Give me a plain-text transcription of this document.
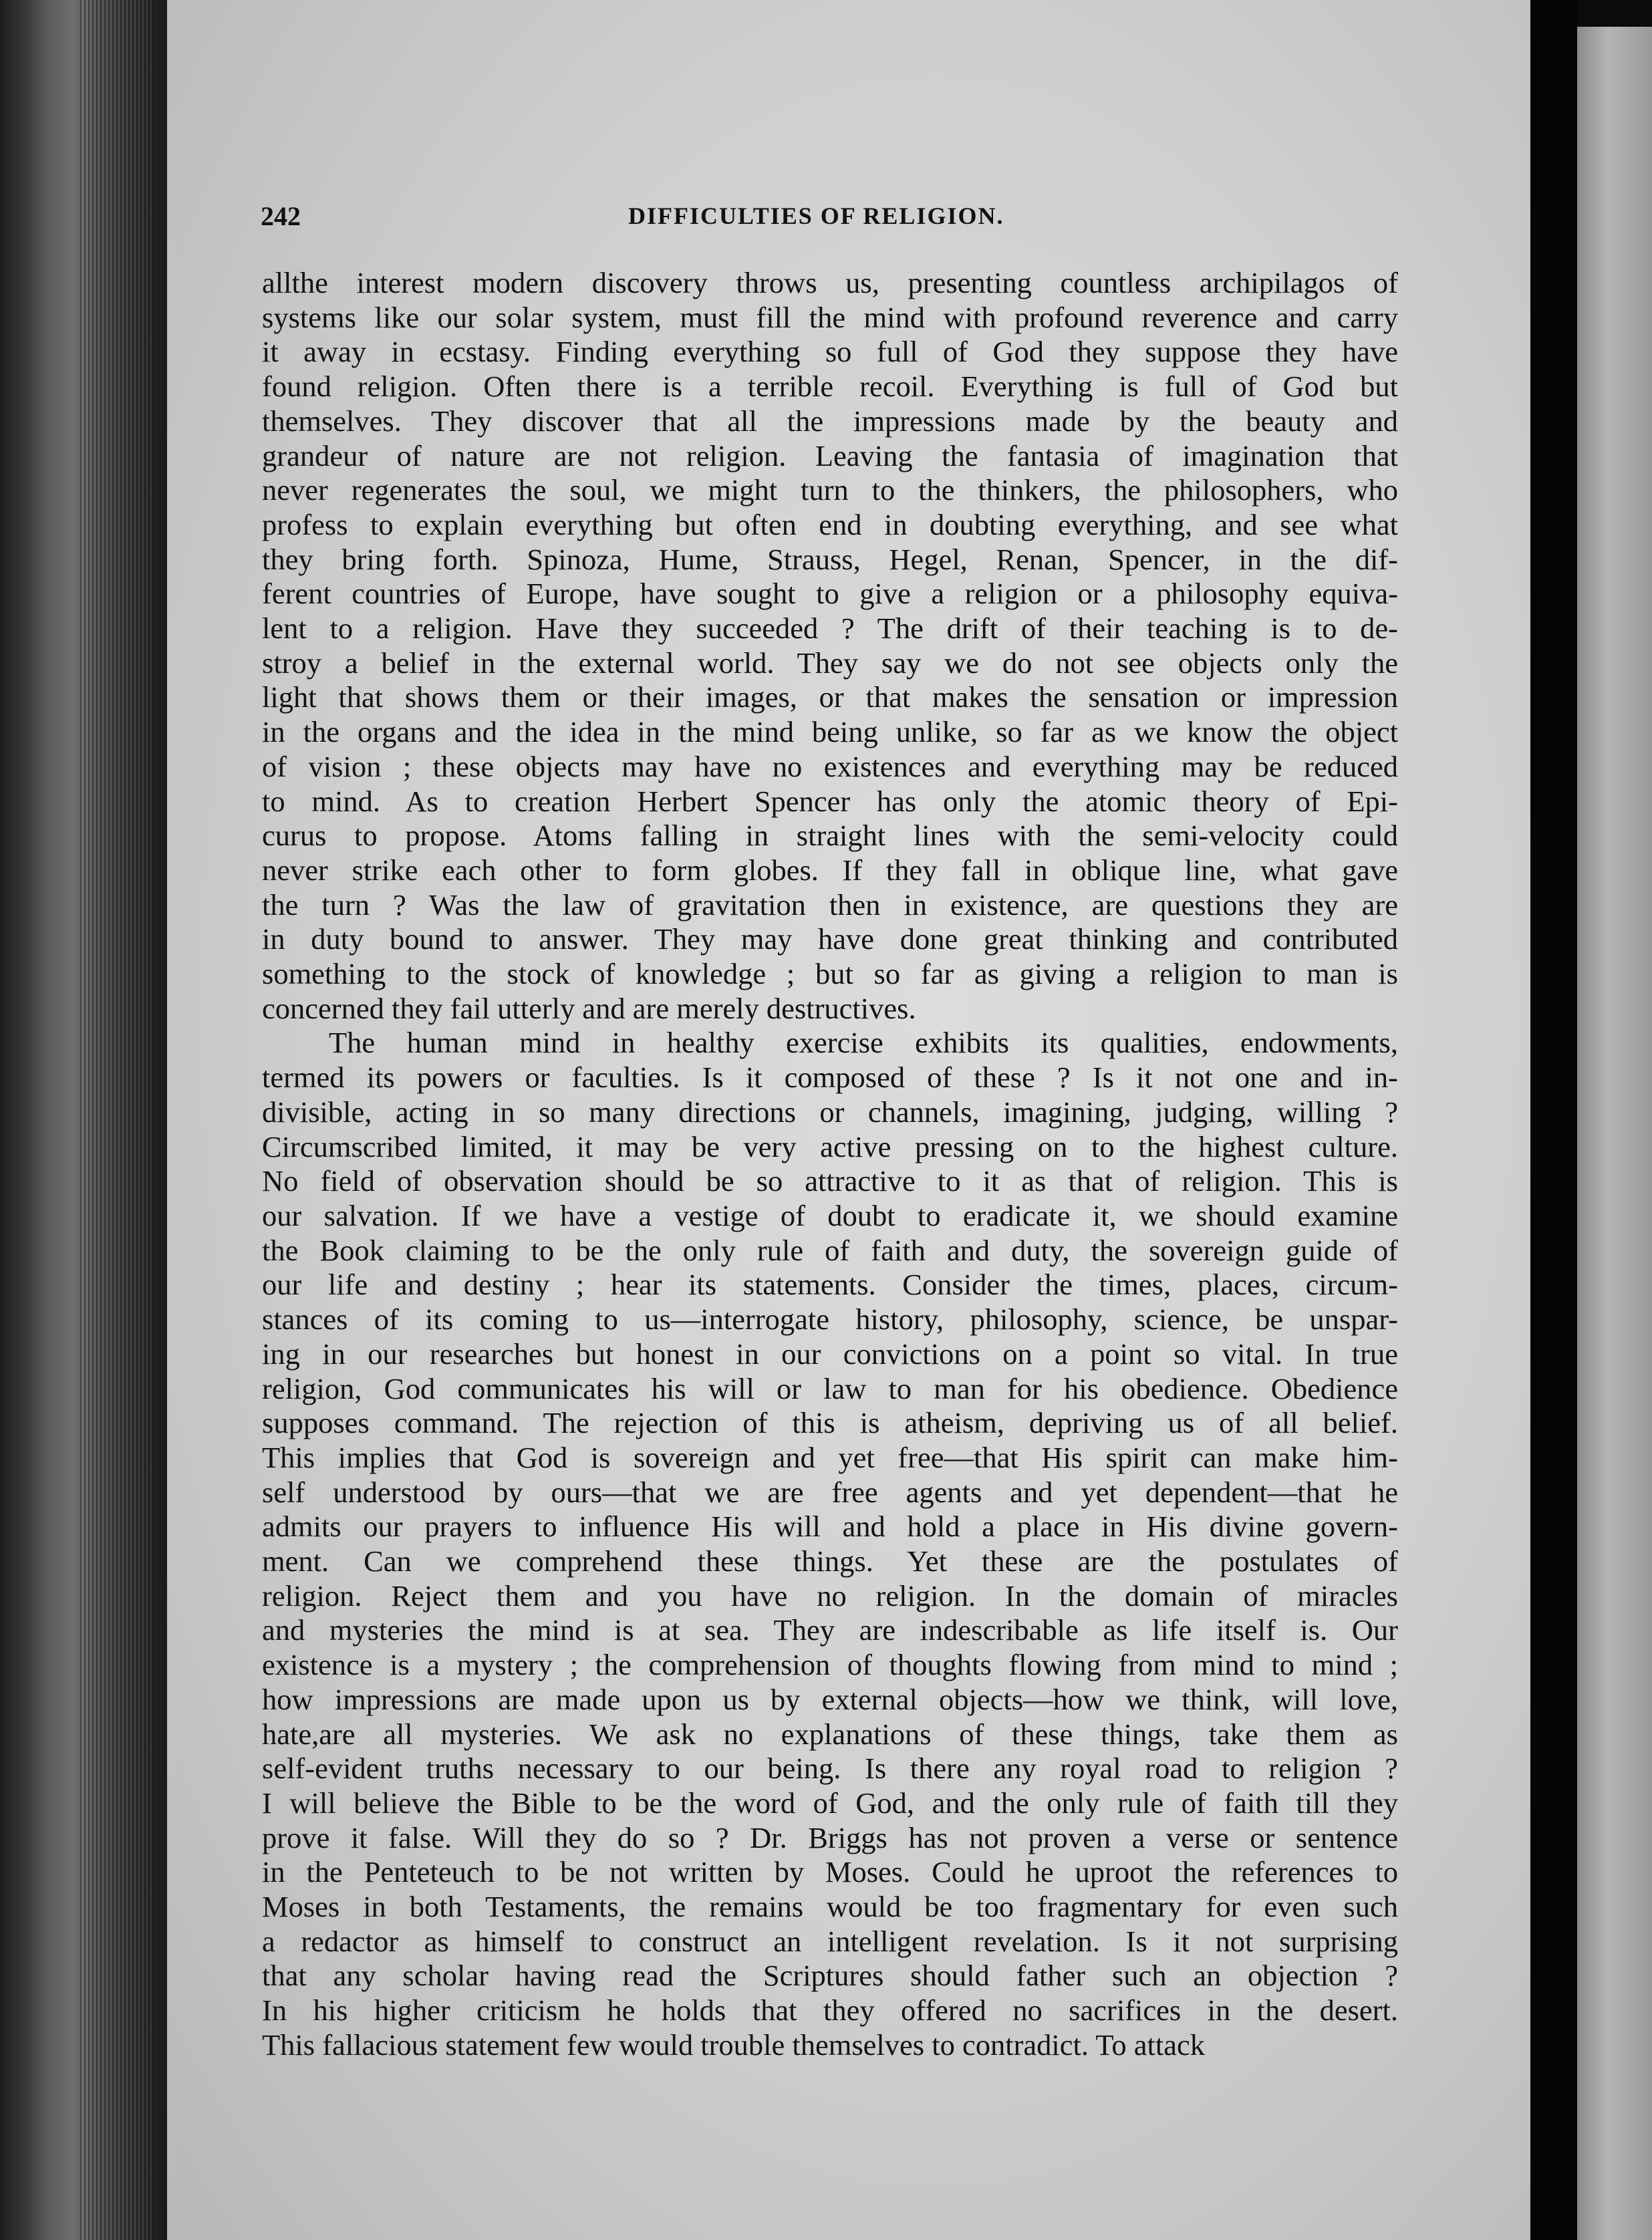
242	DIFFICULTIES OF RELIGION.

allthe interest modern discovery throws us, presenting countless archipilagos of
systems like our solar system, must fill the mind with profound reverence and carry
it away in ecstasy. Finding everything so full of God they suppose they have
found religion. Often there is a terrible recoil. Everything is full of God but
themselves. They discover that all the impressions made by the beauty and
grandeur of nature are not religion. Leaving the fantasia of imagination that
never regenerates the soul, we might turn to the thinkers, the philosophers, who
profess to explain everything but often end in doubting everything, and see what
they bring forth. Spinoza, Hume, Strauss, Hegel, Renan, Spencer, in the dif-
ferent countries of Europe, have sought to give a religion or a philosophy equiva-
lent to a religion. Have they succeeded ? The drift of their teaching is to de-
stroy a belief in the external world. They say we do not see objects only the
light that shows them or their images, or that makes the sensation or impression
in the organs and the idea in the mind being unlike, so far as we know the object
of vision ; these objects may have no existences and everything may be reduced
to mind. As to creation Herbert Spencer has only the atomic theory of Epi-
curus to propose. Atoms falling in straight lines with the semi-velocity could
never strike each other to form globes. If they fall in oblique line, what gave
the turn ? Was the law of gravitation then in existence, are questions they are
in duty bound to answer. They may have done great thinking and contributed
something to the stock of knowledge ; but so far as giving a religion to man is
concerned they fail utterly and are merely destructives.

The human mind in healthy exercise exhibits its qualities, endowments,
termed its powers or faculties. Is it composed of these ? Is it not one and in-
divisible, acting in so many directions or channels, imagining, judging, willing ?
Circumscribed limited, it may be very active pressing on to the highest culture.
No field of observation should be so attractive to it as that of religion. This is
our salvation. If we have a vestige of doubt to eradicate it, we should examine
the Book claiming to be the only rule of faith and duty, the sovereign guide of
our life and destiny ; hear its statements. Consider the times, places, circum-
stances of its coming to us—interrogate history, philosophy, science, be unspar-
ing in our researches but honest in our convictions on a point so vital. In true
religion, God communicates his will or law to man for his obedience. Obedience
supposes command. The rejection of this is atheism, depriving us of all belief.
This implies that God is sovereign and yet free—that His spirit can make him-
self understood by ours—that we are free agents and yet dependent—that he
admits our prayers to influence His will and hold a place in His divine govern-
ment. Can we comprehend these things. Yet these are the postulates of
religion. Reject them and you have no religion. In the domain of miracles
and mysteries the mind is at sea. They are indescribable as life itself is. Our
existence is a mystery ; the comprehension of thoughts flowing from mind to mind ;
how impressions are made upon us by external objects—how we think, will love,
hate,are all mysteries. We ask no explanations of these things, take them as
self-evident truths necessary to our being. Is there any royal road to religion ?
I will believe the Bible to be the word of God, and the only rule of faith till they
prove it false. Will they do so ? Dr. Briggs has not proven a verse or sentence
in the Penteteuch to be not written by Moses. Could he uproot the references to
Moses in both Testaments, the remains would be too fragmentary for even such
a redactor as himself to construct an intelligent revelation. Is it not surprising
that any scholar having read the Scriptures should father such an objection ?
In his higher criticism he holds that they offered no sacrifices in the desert.
This fallacious statement few would trouble themselves to contradict. To attack
